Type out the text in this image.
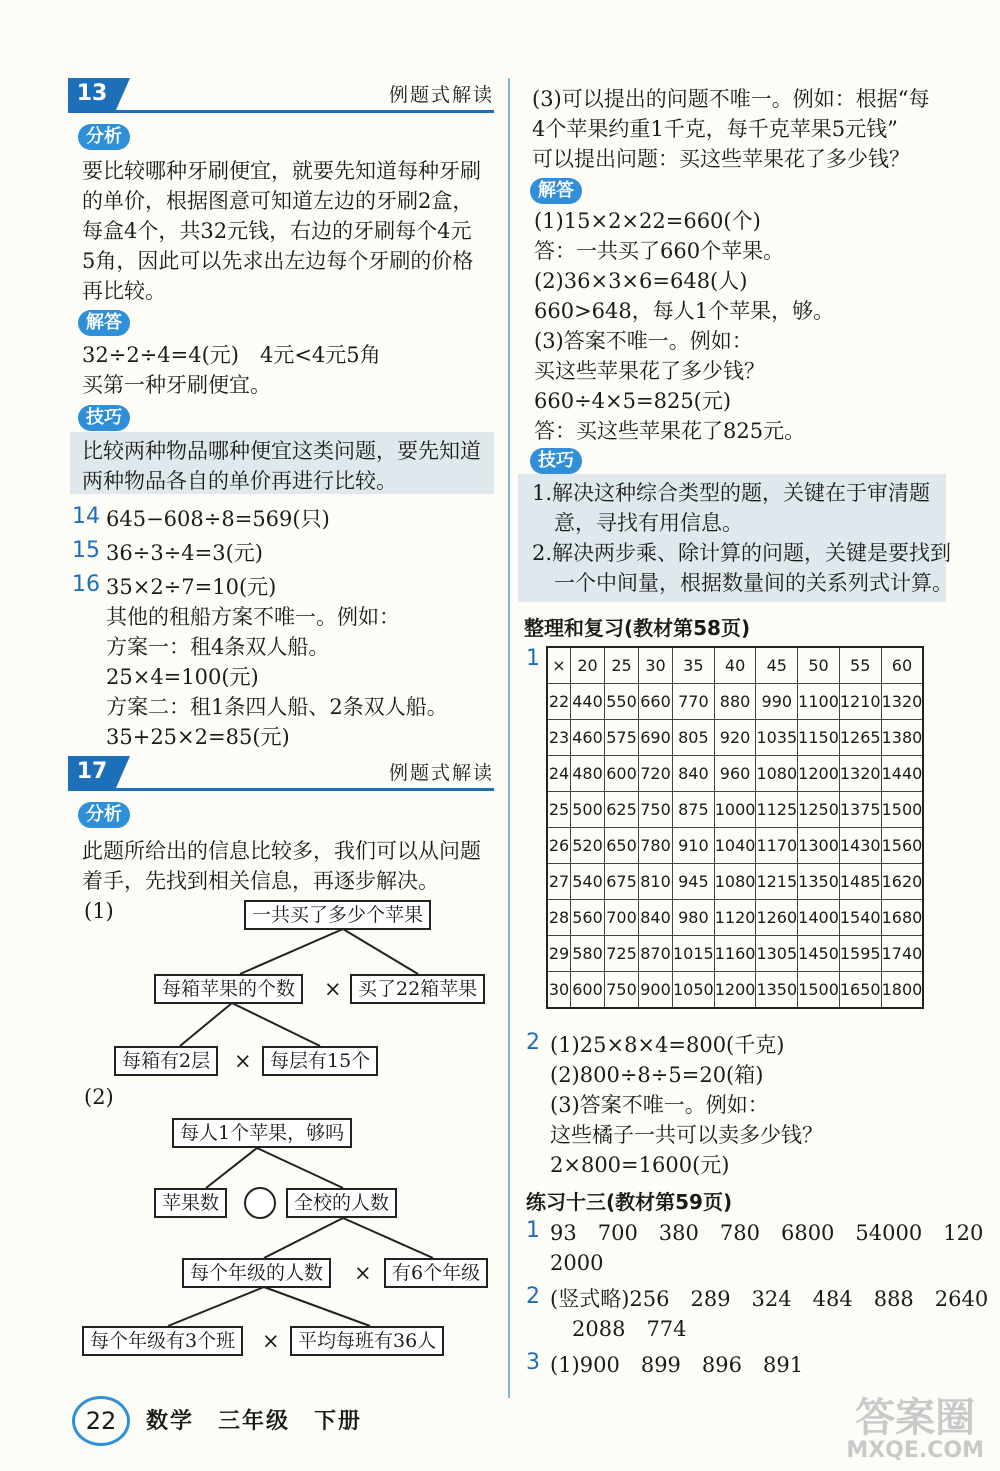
13	例题式解读
分析
要比较哪种牙刷便宜，就要先知道每种牙刷
的单价，根据图意可知道左边的牙刷2盒，
每盒4个，共32元钱，右边的牙刷每个4元
5角，因此可以先求出左边每个牙刷的价格
再比较。
解答
32÷2÷4=4(元)　4元<4元5角
买第一种牙刷便宜。
技巧
比较两种物品哪种便宜这类问题，要先知道
两种物品各自的单价再进行比较。
14 645−608÷8=569(只)
15 36÷3÷4=3(元)
16 35×2÷7=10(元)
其他的租船方案不唯一。例如：
方案一：租4条双人船。
25×4=100(元)
方案二：租1条四人船、2条双人船。
35+25×2=85(元)
17	例题式解读
分析
此题所给出的信息比较多，我们可以从问题
着手，先找到相关信息，再逐步解决。
(1)	一共买了多少个苹果
每箱苹果的个数	× 买了22箱苹果
每箱有2层	× 每层有15个
(2)
每人1个苹果，够吗
苹果数	全校的人数
每个年级的人数	×	有6个年级
每个年级有3个班	× 平均每班有36人
(3)可以提出的问题不唯一。例如：根据“每
4个苹果约重1千克，每千克苹果5元钱”
可以提出问题：买这些苹果花了多少钱？
解答
(1)15×2×22=660(个)
答：一共买了660个苹果。
(2)36×3×6=648(人)
660>648，每人1个苹果，够。
(3)答案不唯一。例如：
买这些苹果花了多少钱？
660÷4×5=825(元)
答：买这些苹果花了825元。
技巧
1.解决这种综合类型的题，关键在于审清题
意，寻找有用信息。
2.解决两步乘、除计算的问题，关键是要找到
一个中间量，根据数量间的关系列式计算。
整理和复习(教材第58页)
1 ×	20	25	30	35	40	45	50	55	60
22	440	550	660	770	880	990	1100	1210	1320
23	460	575	690	805	920	1035	1150	1265	1380
24	480	600	720	840	960	1080	1200	1320	1440
25	500	625	750	875	1000	1125	1250	1375	1500
26	520	650	780	910	1040	1170	1300	1430	1560
27	540	675	810	945	1080	1215	1350	1485	1620
28	560	700	840	980	1120	1260	1400	1540	1680
29	580	725	870	1015	1160	1305	1450	1595	1740
30	600	750	900	1050	1200	1350	1500	1650	1800
2 (1)25×8×4=800(千克)
(2)800÷8÷5=20(箱)
(3)答案不唯一。例如：
这些橘子一共可以卖多少钱？
2×800=1600(元)
练习十三(教材第59页)
1 93　700　380　780　6800　54000　120
2000
2 (竖式略)256　289　324　484　888　2640
2088　774
3 (1)900　899　896　891
22	数学　三年级　下册	答案圈
MXQE.COM
